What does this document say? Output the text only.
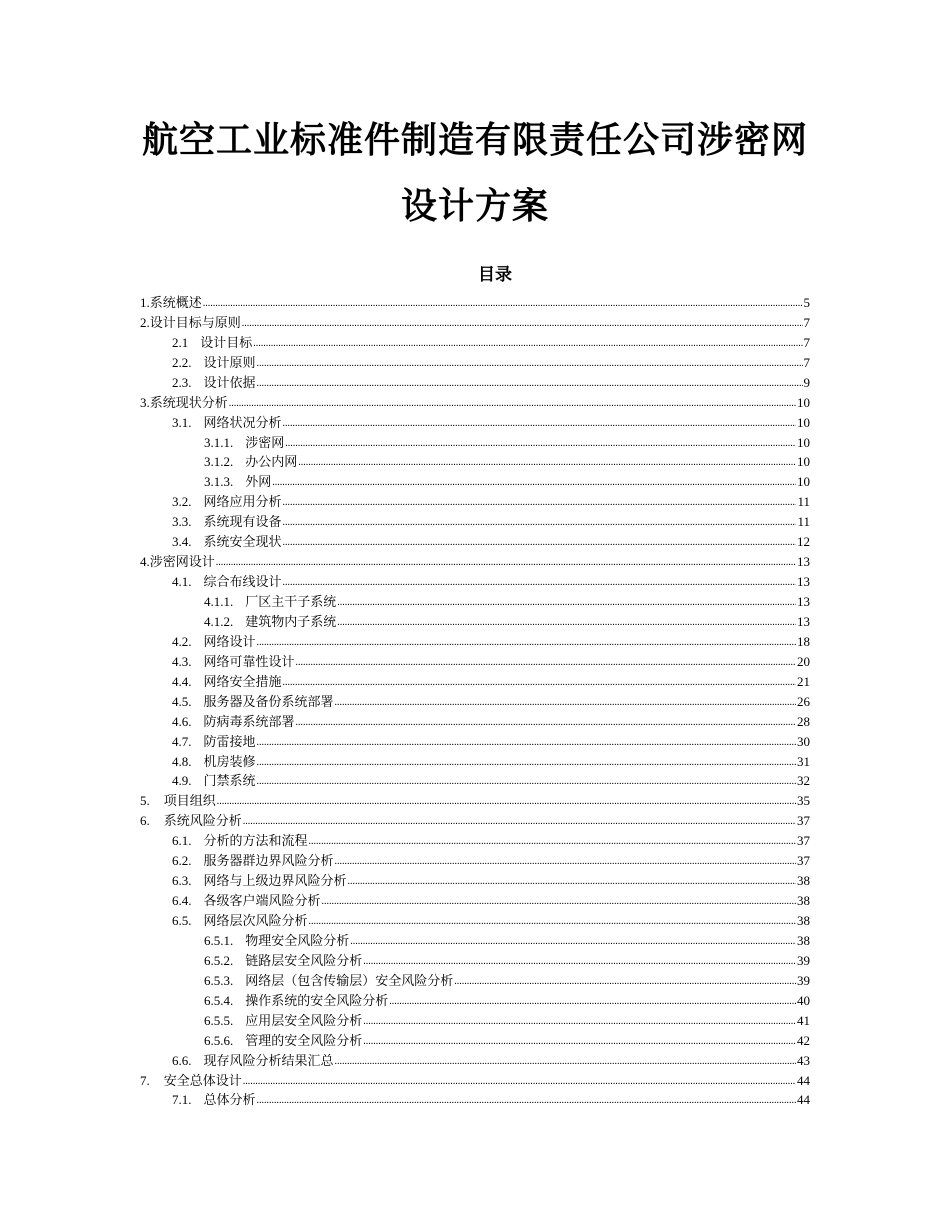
航空工业标准件制造有限责任公司涉密网
设计方案
目录
1. 系统概述 .....	5
2. 设计目标与原则 .....	7
2.1 设计目标 .....	7
2.2. 设计原则 .....	7
2.3. 设计依据 .....	9
3. 系统现状分析 .....	10
3.1. 网络状况分析 .....	10
3.1.1. 涉密网 .....	10
3.1.2. 办公内网 .....	10
3.1.3. 外网 .....	10
3.2. 网络应用分析 .....	11
3.3. 系统现有设备 .....	11
3.4. 系统安全现状 .....	12
4. 涉密网设计 .....	13
4.1. 综合布线设计 .....	13
4.1.1. 厂区主干子系统 .....	13
4.1.2. 建筑物内子系统 .....	13
4.2. 网络设计 .....	18
4.3. 网络可靠性设计 .....	20
4.4. 网络安全措施 .....	21
4.5. 服务器及备份系统部署 .....	26
4.6. 防病毒系统部署 .....	28
4.7. 防雷接地 .....	30
4.8. 机房装修 .....	31
4.9. 门禁系统 .....	32
5. 项目组织 .....	35
6. 系统风险分析 .....	37
6.1. 分析的方法和流程 .....	37
6.2. 服务器群边界风险分析 .....	37
6.3. 网络与上级边界风险分析 .....	38
6.4. 各级客户端风险分析 .....	38
6.5. 网络层次风险分析 .....	38
6.5.1. 物理安全风险分析 .....	38
6.5.2. 链路层安全风险分析 .....	39
6.5.3. 网络层（包含传输层）安全风险分析 .....	39
6.5.4. 操作系统的安全风险分析 .....	40
6.5.5. 应用层安全风险分析 .....	41
6.5.6. 管理的安全风险分析 .....	42
6.6. 现存风险分析结果汇总 .....	43
7. 安全总体设计 .....	44
7.1. 总体分析 .....	44
